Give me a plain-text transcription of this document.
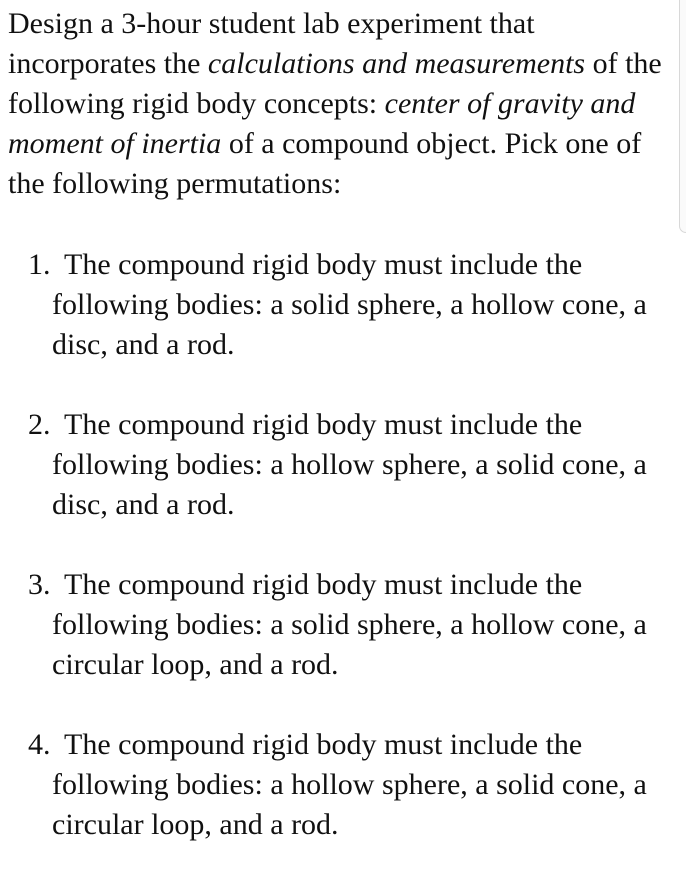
Design a 3-hour student lab experiment that incorporates the calculations and measurements of the following rigid body concepts: center of gravity and moment of inertia of a compound object. Pick one of the following permutations:

1. The compound rigid body must include the following bodies: a solid sphere, a hollow cone, a disc, and a rod.
2. The compound rigid body must include the following bodies: a hollow sphere, a solid cone, a disc, and a rod.
3. The compound rigid body must include the following bodies: a solid sphere, a hollow cone, a circular loop, and a rod.
4. The compound rigid body must include the following bodies: a hollow sphere, a solid cone, a circular loop, and a rod.
